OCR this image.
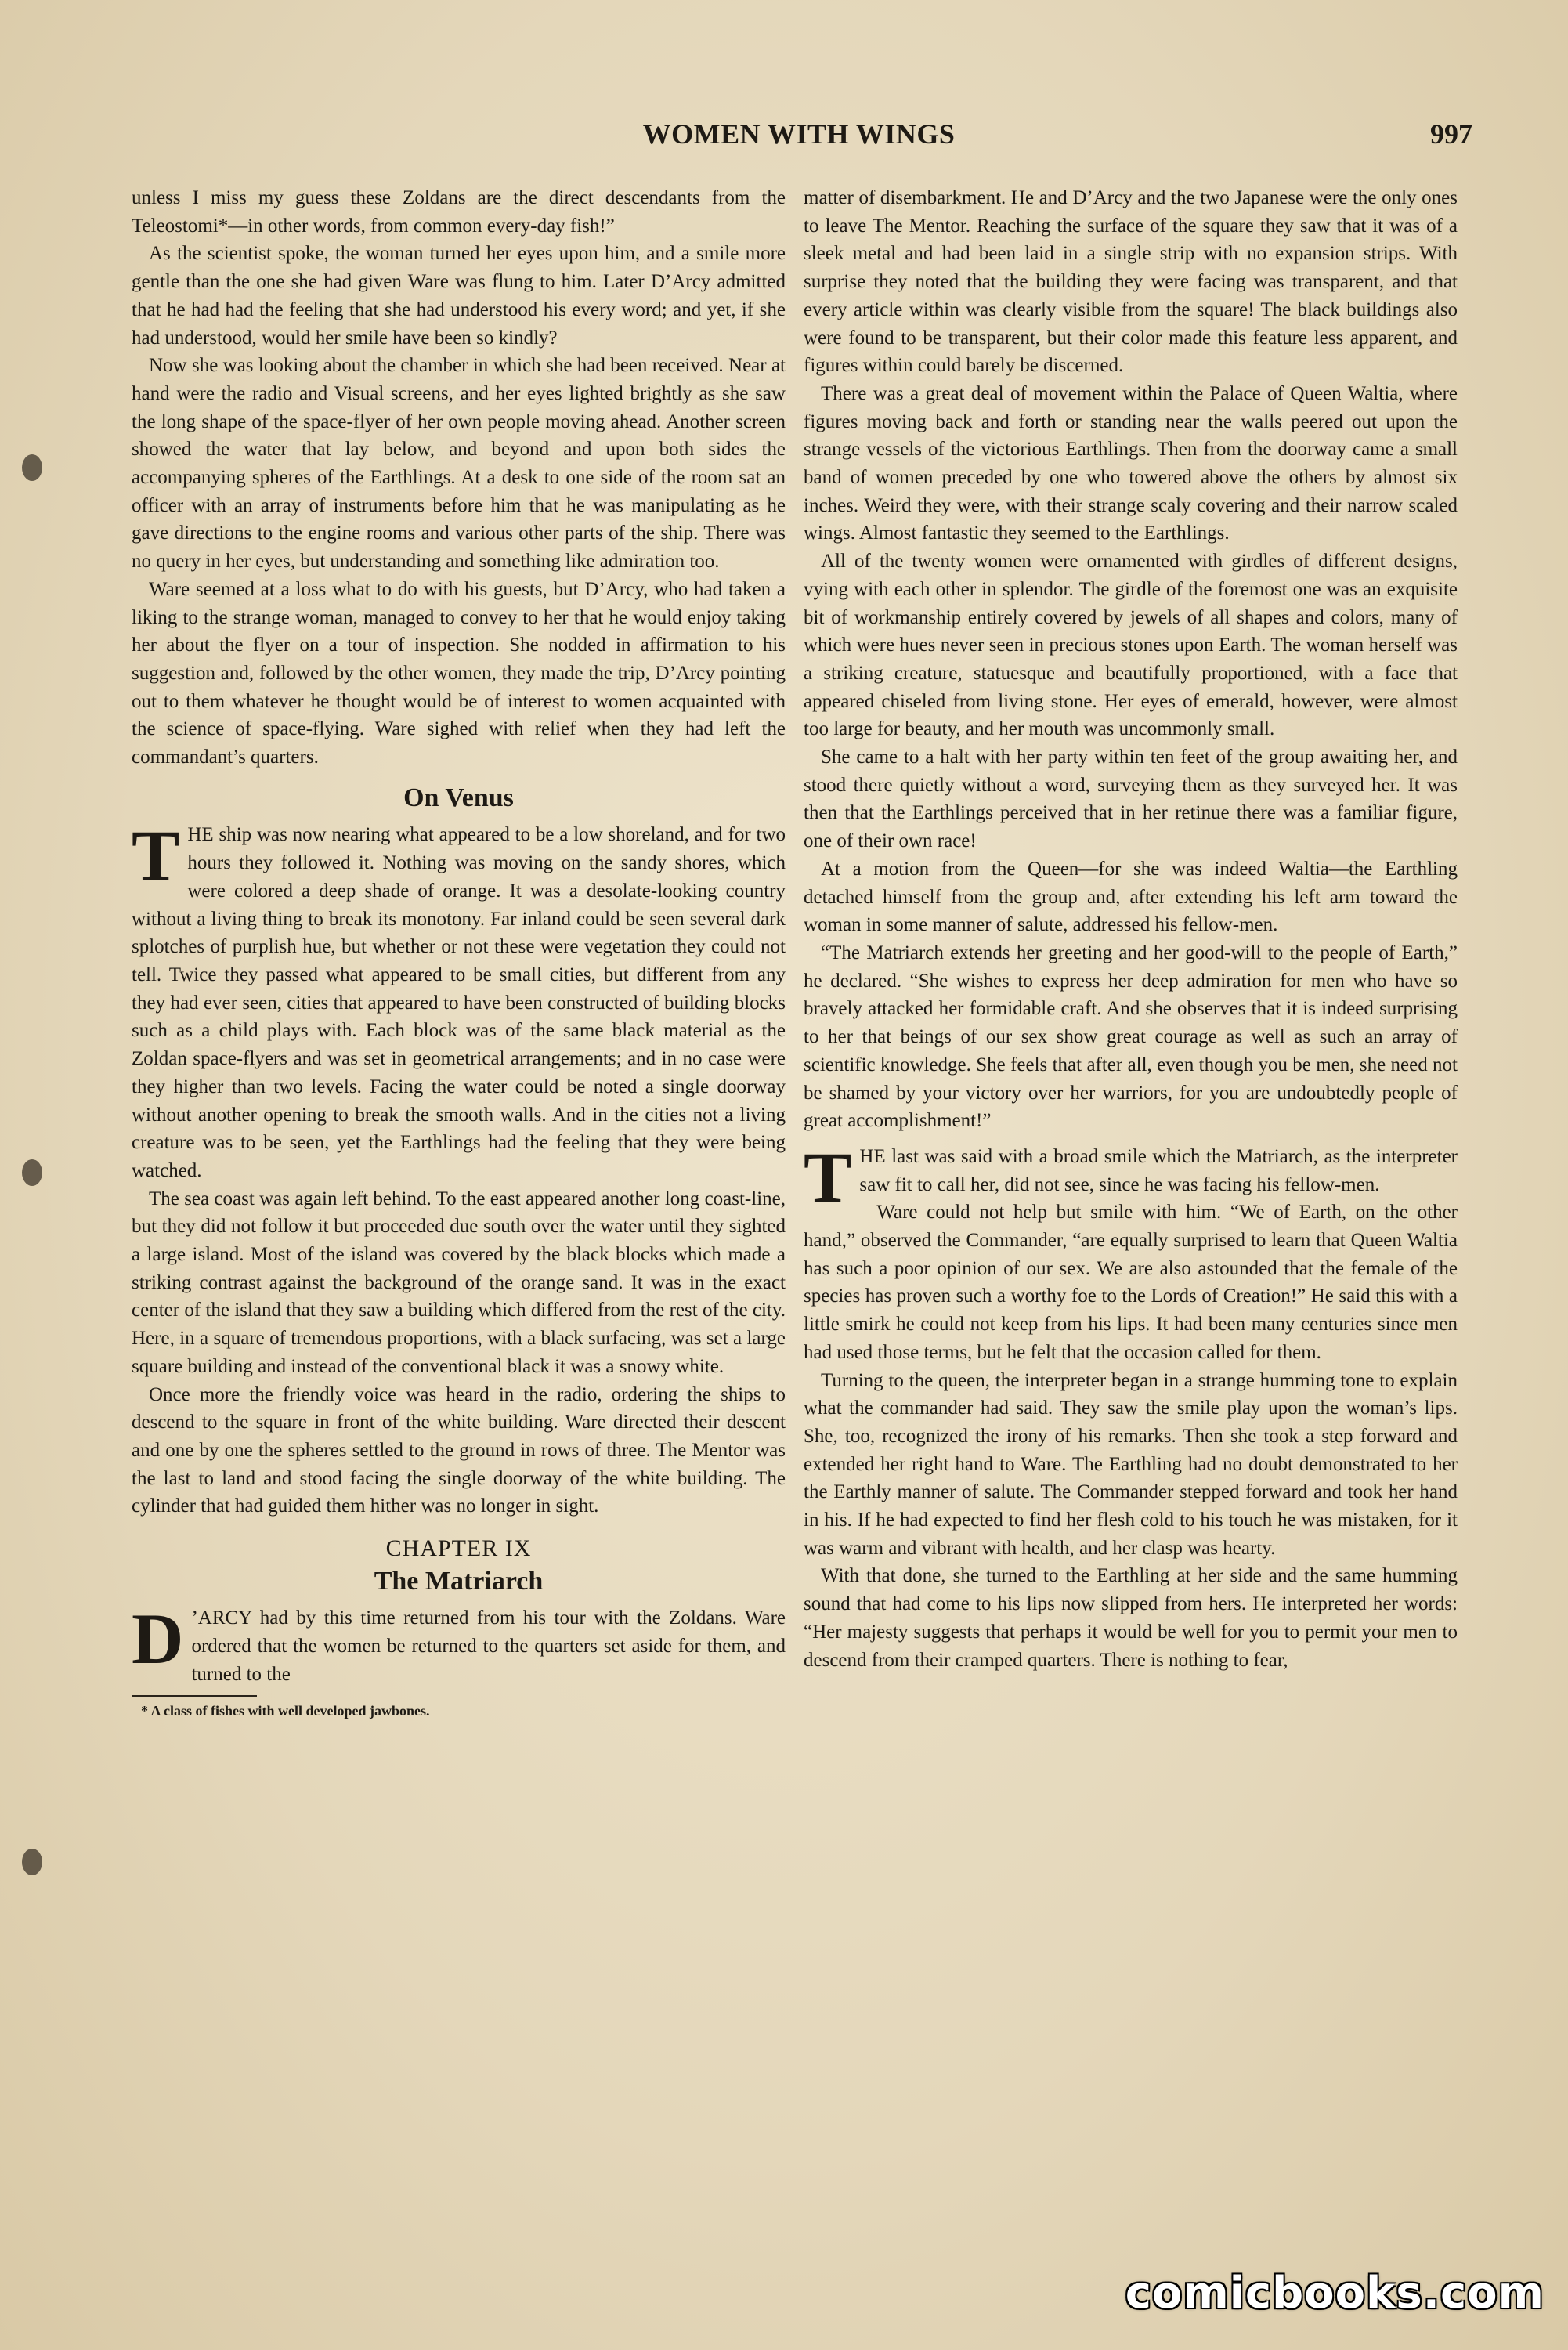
WOMEN WITH WINGS	997

unless I miss my guess these Zoldans are the direct descendants from the Teleostomi*—in other words, from common every-day fish!”

As the scientist spoke, the woman turned her eyes upon him, and a smile more gentle than the one she had given Ware was flung to him. Later D’Arcy admitted that he had had the feeling that she had understood his every word; and yet, if she had understood, would her smile have been so kindly?

Now she was looking about the chamber in which she had been received. Near at hand were the radio and Visual screens, and her eyes lighted brightly as she saw the long shape of the space-flyer of her own people moving ahead. Another screen showed the water that lay below, and beyond and upon both sides the accompanying spheres of the Earthlings. At a desk to one side of the room sat an officer with an array of instruments before him that he was manipulating as he gave directions to the engine rooms and various other parts of the ship. There was no query in her eyes, but understanding and something like admiration too.

Ware seemed at a loss what to do with his guests, but D’Arcy, who had taken a liking to the strange woman, managed to convey to her that he would enjoy taking her about the flyer on a tour of inspection. She nodded in affirmation to his suggestion and, followed by the other women, they made the trip, D’Arcy pointing out to them whatever he thought would be of interest to women acquainted with the science of space-flying. Ware sighed with relief when they had left the commandant’s quarters.

On Venus

THE ship was now nearing what appeared to be a low shoreland, and for two hours they followed it. Nothing was moving on the sandy shores, which were colored a deep shade of orange. It was a desolate-looking country without a living thing to break its monotony. Far inland could be seen several dark splotches of purplish hue, but whether or not these were vegetation they could not tell. Twice they passed what appeared to be small cities, but different from any they had ever seen, cities that appeared to have been constructed of building blocks such as a child plays with. Each block was of the same black material as the Zoldan space-flyers and was set in geometrical arrangements; and in no case were they higher than two levels. Facing the water could be noted a single doorway without another opening to break the smooth walls. And in the cities not a living creature was to be seen, yet the Earthlings had the feeling that they were being watched.

The sea coast was again left behind. To the east appeared another long coast-line, but they did not follow it but proceeded due south over the water until they sighted a large island. Most of the island was covered by the black blocks which made a striking contrast against the background of the orange sand. It was in the exact center of the island that they saw a building which differed from the rest of the city. Here, in a square of tremendous proportions, with a black surfacing, was set a large square building and instead of the conventional black it was a snowy white.

Once more the friendly voice was heard in the radio, ordering the ships to descend to the square in front of the white building. Ware directed their descent and one by one the spheres settled to the ground in rows of three. The Mentor was the last to land and stood facing the single doorway of the white building. The cylinder that had guided them hither was no longer in sight.

CHAPTER IX
The Matriarch

D ’ARCY had by this time returned from his tour with the Zoldans. Ware ordered that the women be returned to the quarters set aside for them, and turned to the

* A class of fishes with well developed jawbones.

matter of disembarkment. He and D’Arcy and the two Japanese were the only ones to leave The Mentor. Reaching the surface of the square they saw that it was of a sleek metal and had been laid in a single strip with no expansion strips. With surprise they noted that the building they were facing was transparent, and that every article within was clearly visible from the square! The black buildings also were found to be transparent, but their color made this feature less apparent, and figures within could barely be discerned.

There was a great deal of movement within the Palace of Queen Waltia, where figures moving back and forth or standing near the walls peered out upon the strange vessels of the victorious Earthlings. Then from the doorway came a small band of women preceded by one who towered above the others by almost six inches. Weird they were, with their strange scaly covering and their narrow scaled wings. Almost fantastic they seemed to the Earthlings.

All of the twenty women were ornamented with girdles of different designs, vying with each other in splendor. The girdle of the foremost one was an exquisite bit of workmanship entirely covered by jewels of all shapes and colors, many of which were hues never seen in precious stones upon Earth. The woman herself was a striking creature, statuesque and beautifully proportioned, with a face that appeared chiseled from living stone. Her eyes of emerald, however, were almost too large for beauty, and her mouth was uncommonly small.

She came to a halt with her party within ten feet of the group awaiting her, and stood there quietly without a word, surveying them as they surveyed her. It was then that the Earthlings perceived that in her retinue there was a familiar figure, one of their own race!

At a motion from the Queen—for she was indeed Waltia—the Earthling detached himself from the group and, after extending his left arm toward the woman in some manner of salute, addressed his fellow-men.

“The Matriarch extends her greeting and her good-will to the people of Earth,” he declared. “She wishes to express her deep admiration for men who have so bravely attacked her formidable craft. And she observes that it is indeed surprising to her that beings of our sex show great courage as well as such an array of scientific knowledge. She feels that after all, even though you be men, she need not be shamed by your victory over her warriors, for you are undoubtedly people of great accomplishment!”

THE last was said with a broad smile which the Matriarch, as the interpreter saw fit to call her, did not see, since he was facing his fellow-men.

Ware could not help but smile with him. “We of Earth, on the other hand,” observed the Commander, “are equally surprised to learn that Queen Waltia has such a poor opinion of our sex. We are also astounded that the female of the species has proven such a worthy foe to the Lords of Creation!” He said this with a little smirk he could not keep from his lips. It had been many centuries since men had used those terms, but he felt that the occasion called for them.

Turning to the queen, the interpreter began in a strange humming tone to explain what the commander had said. They saw the smile play upon the woman’s lips. She, too, recognized the irony of his remarks. Then she took a step forward and extended her right hand to Ware. The Earthling had no doubt demonstrated to her the Earthly manner of salute. The Commander stepped forward and took her hand in his. If he had expected to find her flesh cold to his touch he was mistaken, for it was warm and vibrant with health, and her clasp was hearty.

With that done, she turned to the Earthling at her side and the same humming sound that had come to his lips now slipped from hers. He interpreted her words: “Her majesty suggests that perhaps it would be well for you to permit your men to descend from their cramped quarters. There is nothing to fear,

comicbooks.com
